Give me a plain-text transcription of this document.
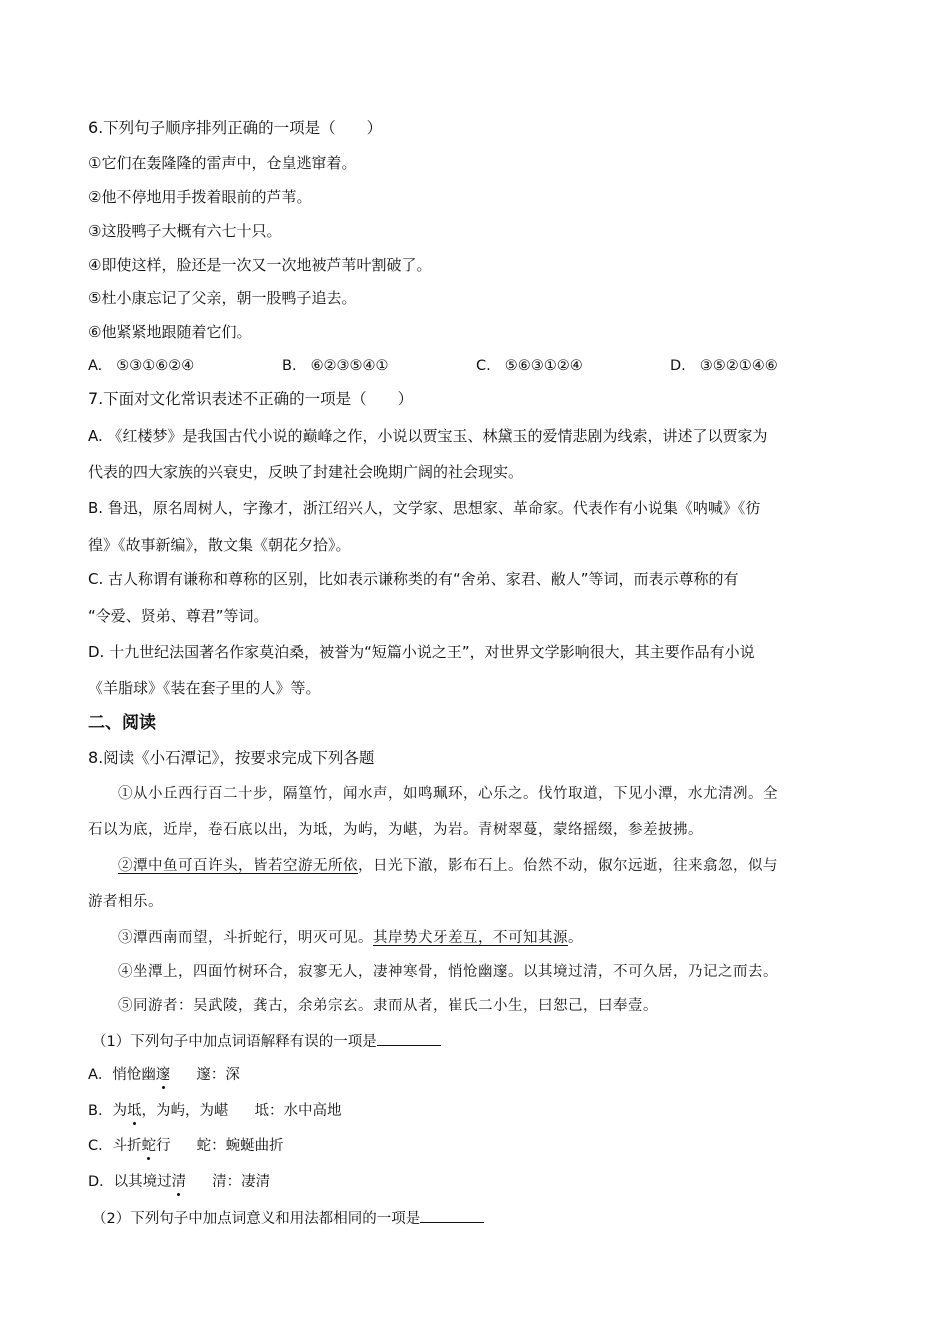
6.下列句子顺序排列正确的一项是（　　）
①它们在轰隆隆的雷声中，仓皇逃窜着。
②他不停地用手拨着眼前的芦苇。
③这股鸭子大概有六七十只。
④即使这样，脸还是一次又一次地被芦苇叶割破了。
⑤杜小康忘记了父亲，朝一股鸭子追去。
⑥他紧紧地跟随着它们。
A. ⑤③①⑥②④	B. ⑥②③⑤④①	C. ⑤⑥③①②④	D. ③⑤②①④⑥
7.下面对文化常识表述不正确的一项是（　　）
A. 《红楼梦》是我国古代小说的巅峰之作，小说以贾宝玉、林黛玉的爱情悲剧为线索，讲述了以贾家为
代表的四大家族的兴衰史，反映了封建社会晚期广阔的社会现实。
B. 鲁迅，原名周树人，字豫才，浙江绍兴人，文学家、思想家、革命家。代表作有小说集《呐喊》《彷
徨》《故事新编》，散文集《朝花夕拾》。
C. 古人称谓有谦称和尊称的区别，比如表示谦称类的有“舍弟、家君、敝人”等词，而表示尊称的有
“令爱、贤弟、尊君”等词。
D. 十九世纪法国著名作家莫泊桑，被誉为“短篇小说之王”，对世界文学影响很大，其主要作品有小说
《羊脂球》《装在套子里的人》等。
二、阅读
8.阅读《小石潭记》，按要求完成下列各题
①从小丘西行百二十步，隔篁竹，闻水声，如鸣珮环，心乐之。伐竹取道，下见小潭，水尤清冽。全
石以为底，近岸，卷石底以出，为坻，为屿，为嵁，为岩。青树翠蔓，蒙络摇缀，参差披拂。
②潭中鱼可百许头，皆若空游无所依，日光下澈，影布石上。佁然不动，俶尔远逝，往来翕忽，似与
游者相乐。
③潭西南而望，斗折蛇行，明灭可见。其岸势犬牙差互，不可知其源。
④坐潭上，四面竹树环合，寂寥无人，凄神寒骨，悄怆幽邃。以其境过清，不可久居，乃记之而去。
⑤同游者：吴武陵，龚古，余弟宗玄。隶而从者，崔氏二小生，曰恕己，曰奉壹。
（1）下列句子中加点词语解释有误的一项是
A．悄怆幽邃 邃：深
B．为坻，为屿，为嵁 坻：水中高地
C．斗折蛇行 蛇：蜿蜒曲折
D．以其境过清 清：凄清
（2）下列句子中加点词意义和用法都相同的一项是
